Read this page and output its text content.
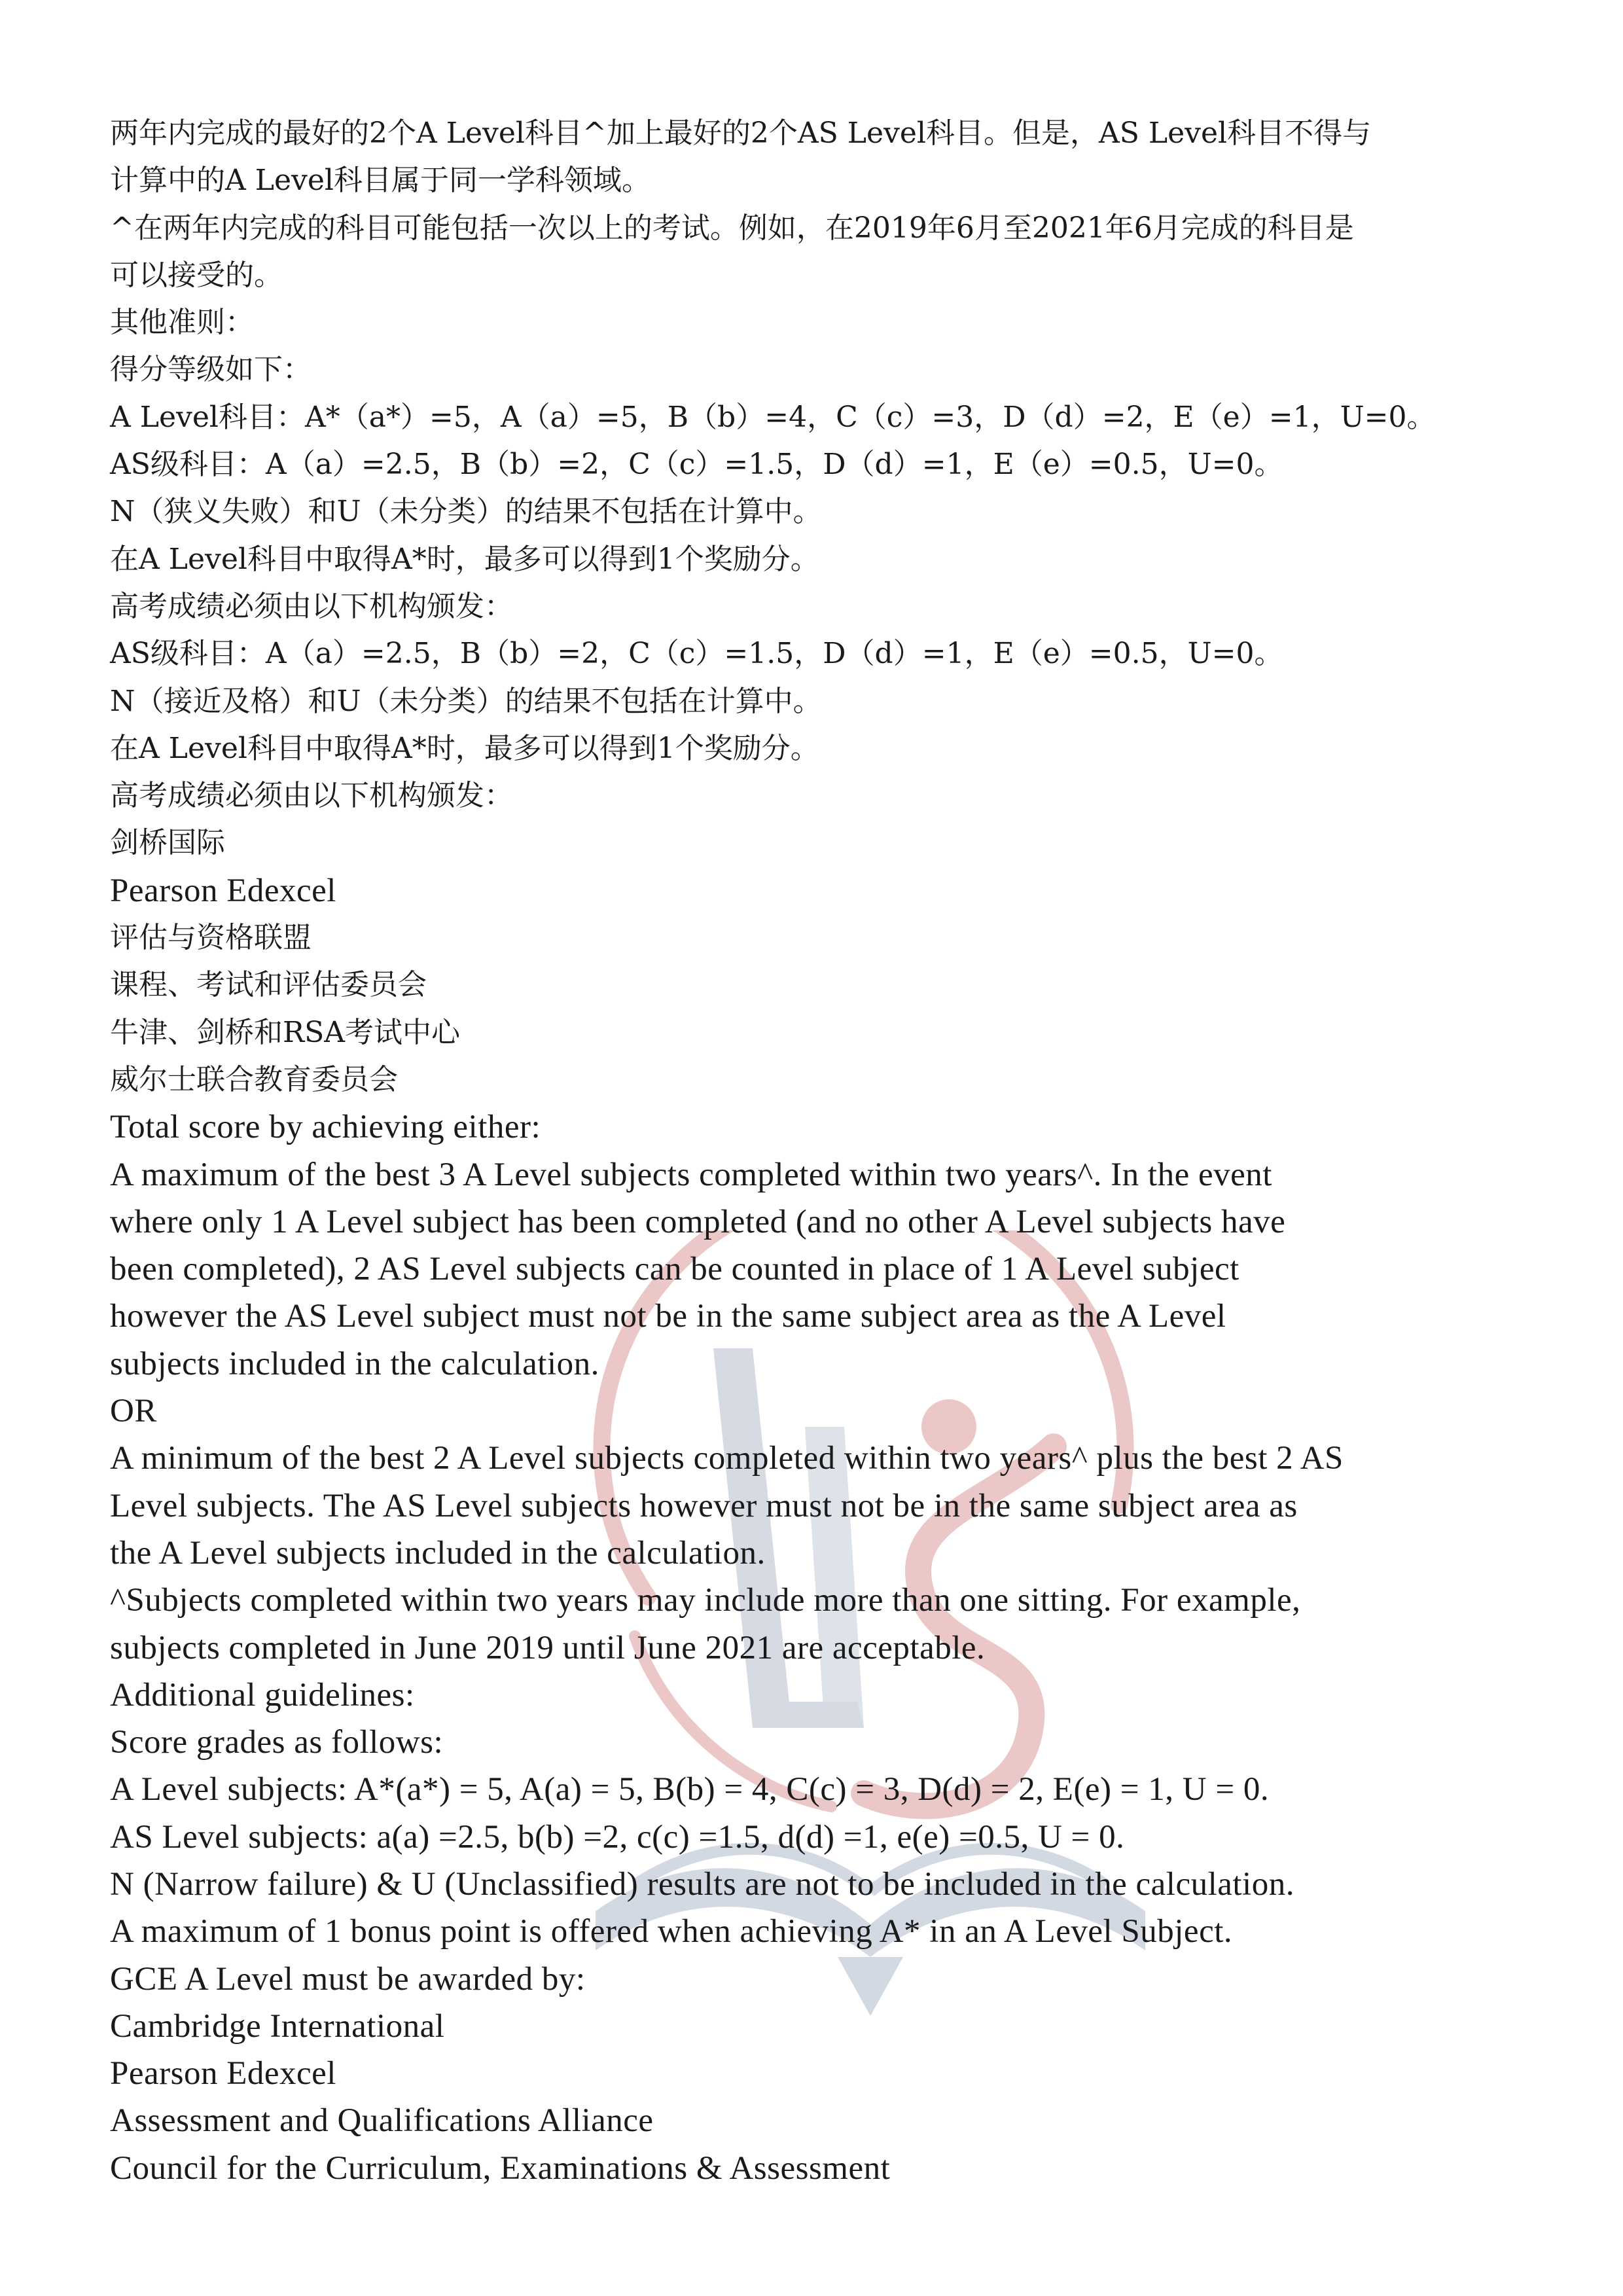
两年内完成的最好的2个A Level科目^加上最好的2个AS Level科目。但是，AS Level科目不得与
计算中的A Level科目属于同一学科领域。
^在两年内完成的科目可能包括一次以上的考试。例如，在2019年6月至2021年6月完成的科目是
可以接受的。
其他准则：
得分等级如下：
A Level科目：A*（a*）=5，A（a）=5，B（b）=4，C（c）=3，D（d）=2，E（e）=1，U=0。
AS级科目：A（a）=2.5，B（b）=2，C（c）=1.5，D（d）=1，E（e）=0.5，U=0。
N（狭义失败）和U（未分类）的结果不包括在计算中。
在A Level科目中取得A*时，最多可以得到1个奖励分。
高考成绩必须由以下机构颁发：
AS级科目：A（a）=2.5，B（b）=2，C（c）=1.5，D（d）=1，E（e）=0.5，U=0。
N（接近及格）和U（未分类）的结果不包括在计算中。
在A Level科目中取得A*时，最多可以得到1个奖励分。
高考成绩必须由以下机构颁发：
剑桥国际
Pearson Edexcel
评估与资格联盟
课程、考试和评估委员会
牛津、剑桥和RSA考试中心
威尔士联合教育委员会
Total score by achieving either:
A maximum of the best 3 A Level subjects completed within two years^. In the event
where only 1 A Level subject has been completed (and no other A Level subjects have
been completed), 2 AS Level subjects can be counted in place of 1 A Level subject
however the AS Level subject must not be in the same subject area as the A Level
subjects included in the calculation.
OR
A minimum of the best 2 A Level subjects completed within two years^ plus the best 2 AS
Level subjects. The AS Level subjects however must not be in the same subject area as
the A Level subjects included in the calculation.
^Subjects completed within two years may include more than one sitting. For example,
subjects completed in June 2019 until June 2021 are acceptable.
Additional guidelines:
Score grades as follows:
A Level subjects: A*(a*) = 5, A(a) = 5, B(b) = 4, C(c) = 3, D(d) = 2, E(e) = 1, U = 0.
AS Level subjects: a(a) =2.5, b(b) =2, c(c) =1.5, d(d) =1, e(e) =0.5, U = 0.
N (Narrow failure) & U (Unclassified) results are not to be included in the calculation.
A maximum of 1 bonus point is offered when achieving A* in an A Level Subject.
GCE A Level must be awarded by:
Cambridge International
Pearson Edexcel
Assessment and Qualifications Alliance
Council for the Curriculum, Examinations & Assessment
